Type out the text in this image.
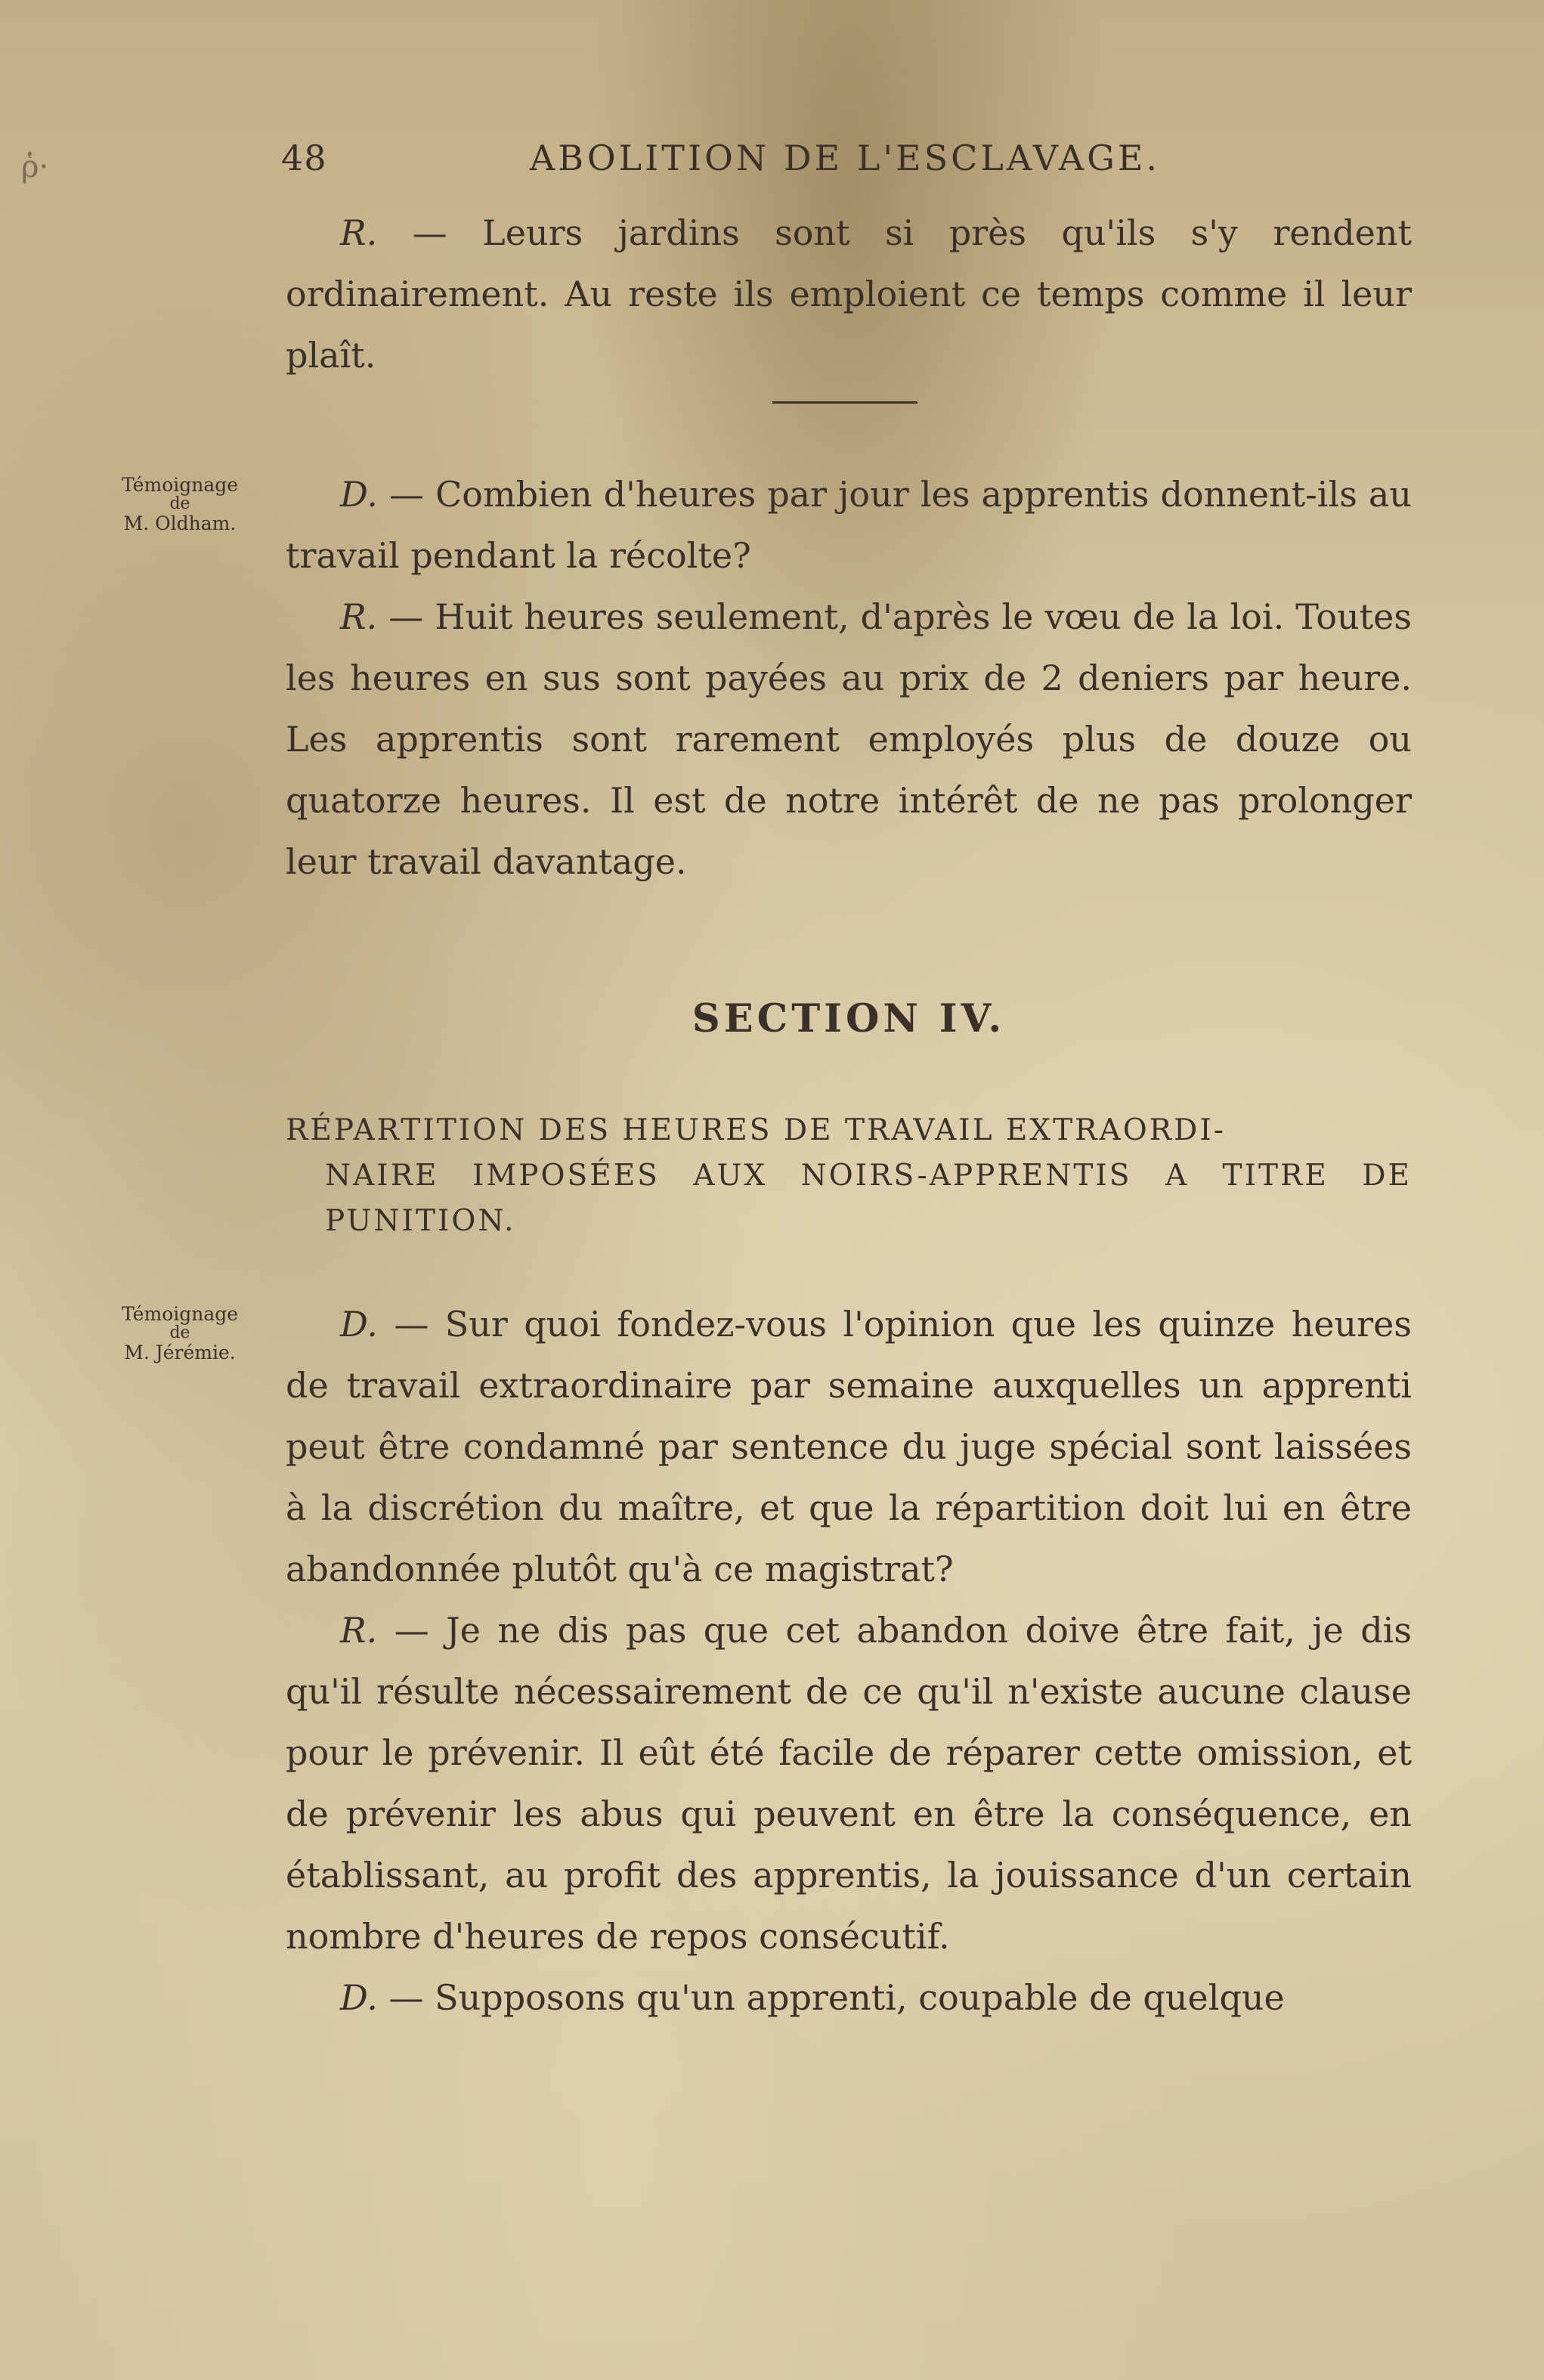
ῥ·	48	ABOLITION DE L'ESCLAVAGE.

R. — Leurs jardins sont si près qu'ils s'y rendent ordinairement. Au reste ils emploient ce temps comme il leur plaît.

Témoignage
de
M. Oldham.

D. — Combien d'heures par jour les apprentis donnent-ils au travail pendant la récolte?

R. — Huit heures seulement, d'après le vœu de la loi. Toutes les heures en sus sont payées au prix de 2 deniers par heure. Les apprentis sont rarement employés plus de douze ou quatorze heures. Il est de notre intérêt de ne pas prolonger leur travail davantage.

SECTION IV.

RÉPARTITION DES HEURES DE TRAVAIL EXTRAORDI-
NAIRE IMPOSÉES AUX NOIRS-APPRENTIS A TITRE DE PUNITION.

Témoignage
de
M. Jérémie.

D. — Sur quoi fondez-vous l'opinion que les quinze heures de travail extraordinaire par semaine auxquelles un apprenti peut être condamné par sentence du juge spécial sont laissées à la discrétion du maître, et que la répartition doit lui en être abandonnée plutôt qu'à ce magistrat?

R. — Je ne dis pas que cet abandon doive être fait, je dis qu'il résulte nécessairement de ce qu'il n'existe aucune clause pour le prévenir. Il eût été facile de réparer cette omission, et de prévenir les abus qui peuvent en être la conséquence, en établissant, au profit des apprentis, la jouissance d'un certain nombre d'heures de repos consécutif.

D. — Supposons qu'un apprenti, coupable de quelque
